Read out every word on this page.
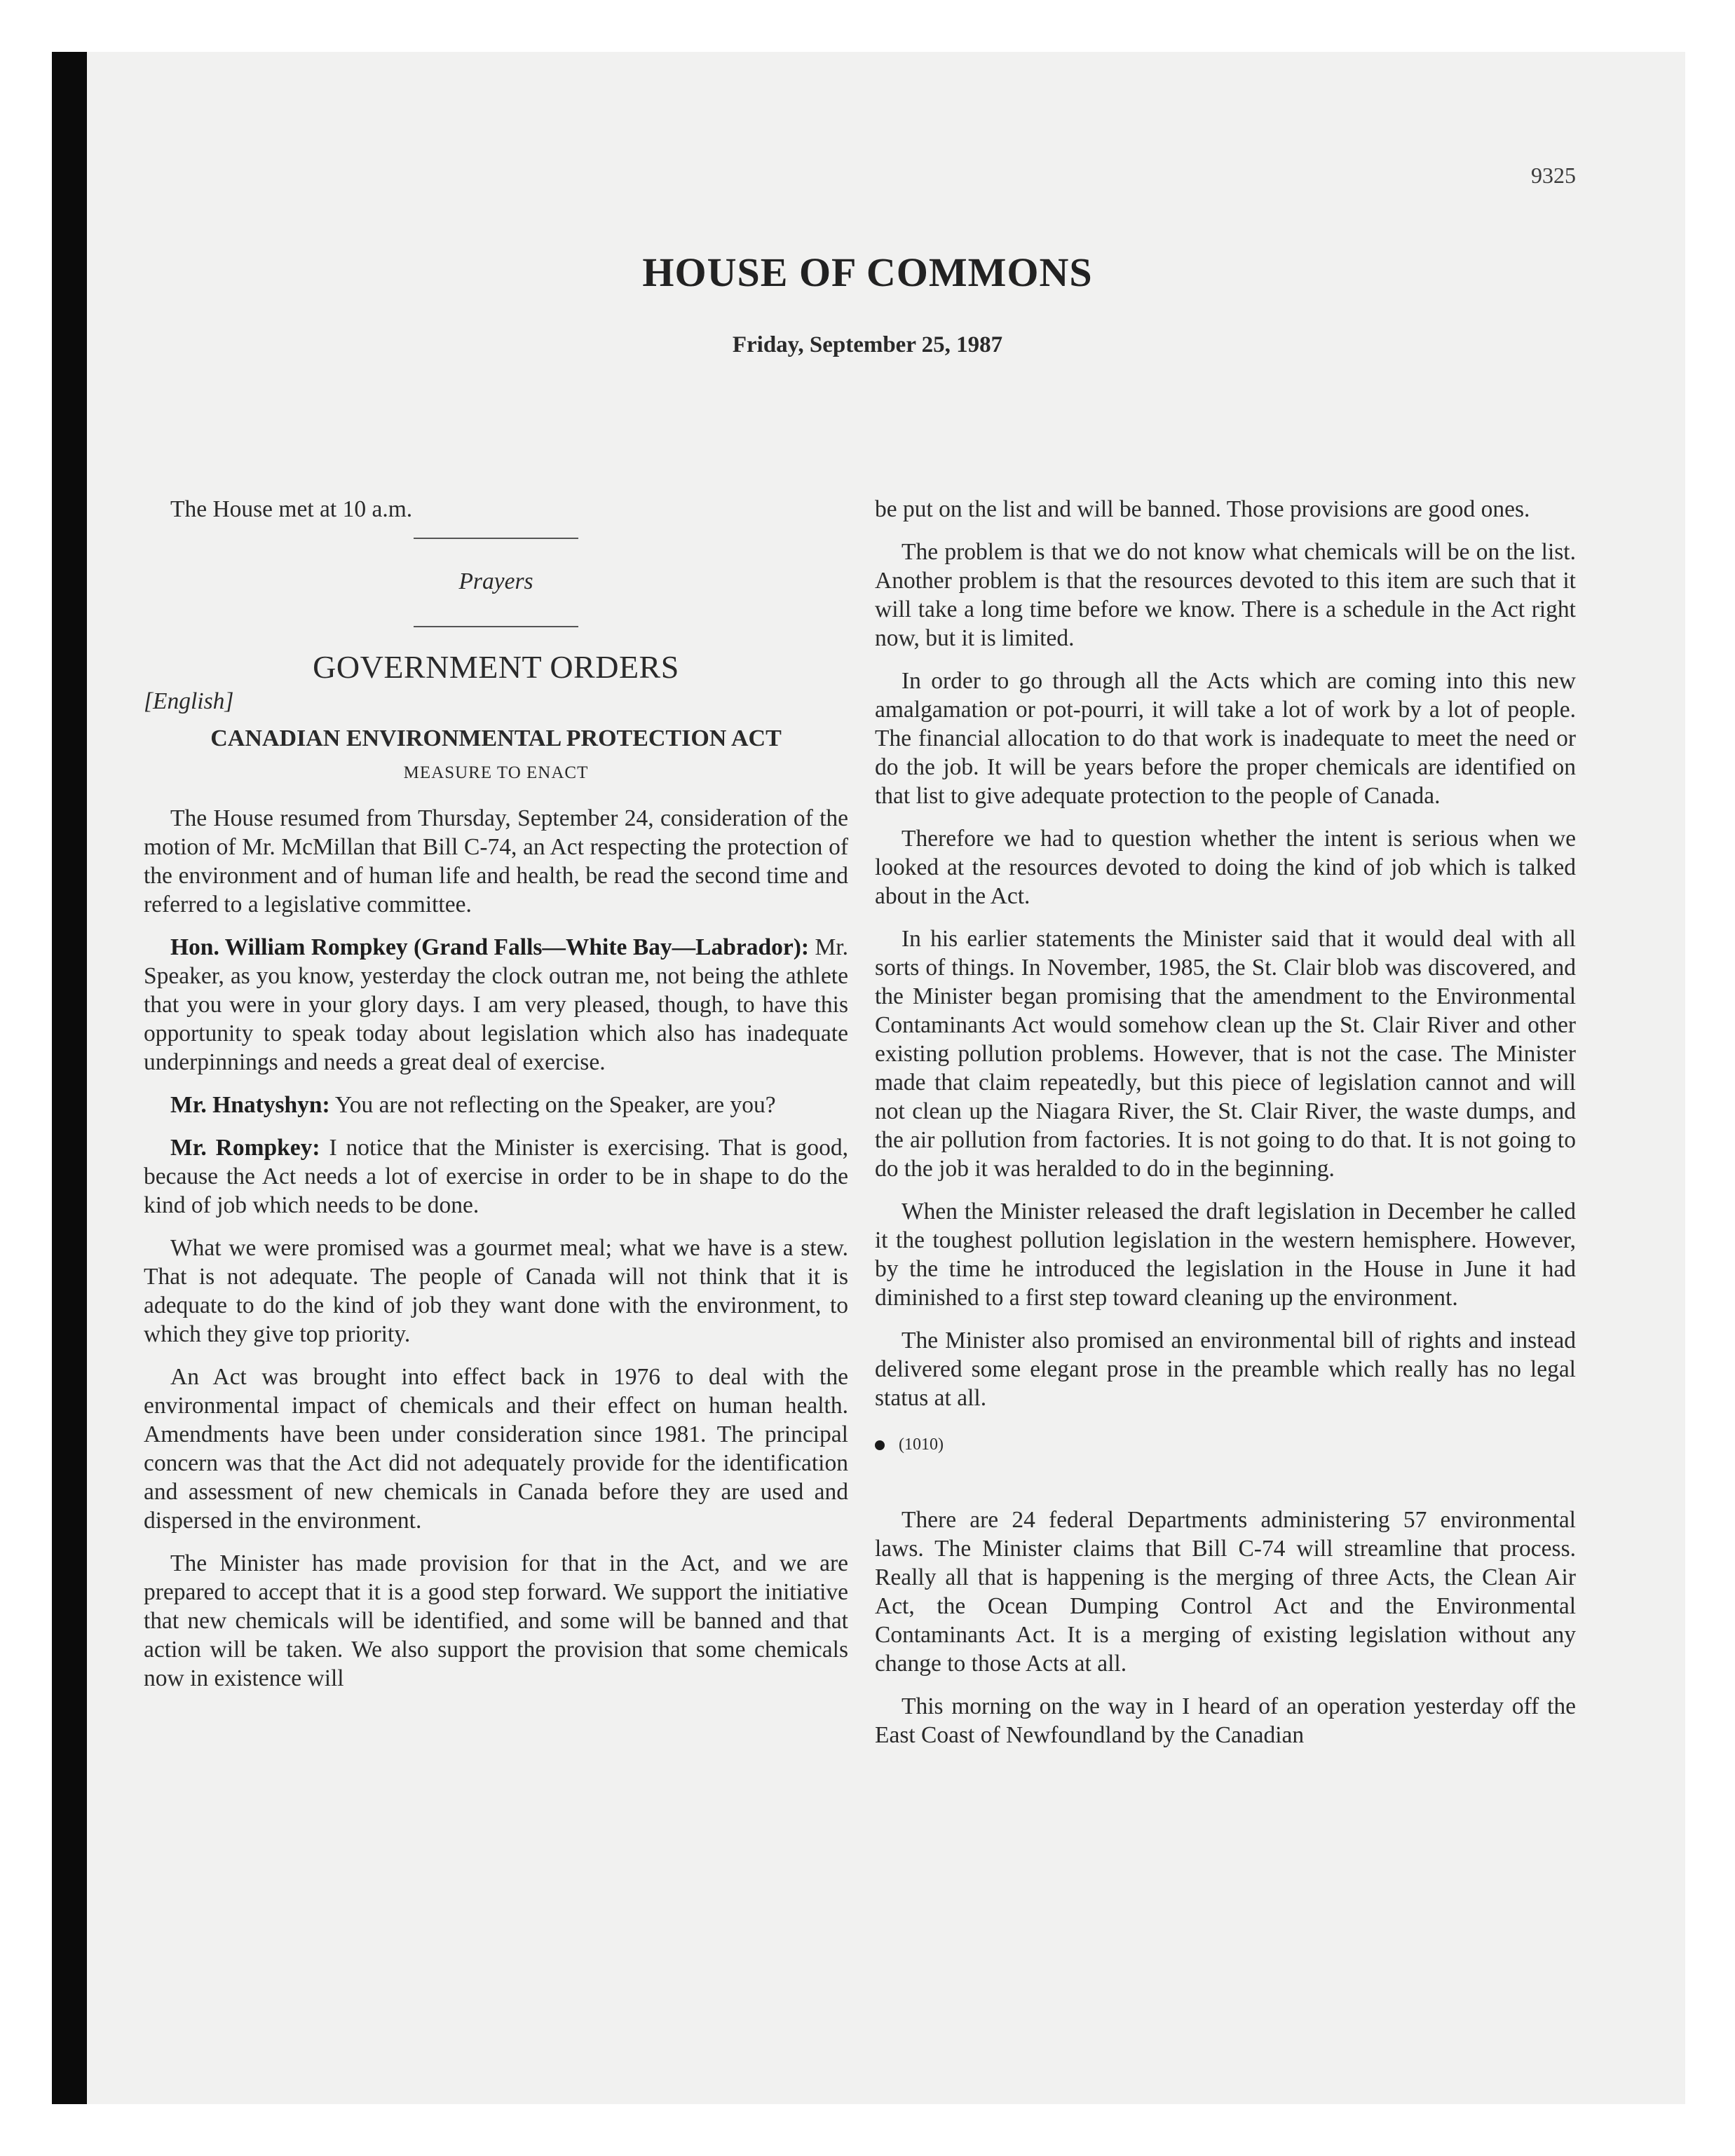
9325
HOUSE OF COMMONS
Friday, September 25, 1987

The House met at 10 a.m.

Prayers
GOVERNMENT ORDERS
[English]
CANADIAN ENVIRONMENTAL PROTECTION ACT
MEASURE TO ENACT

The House resumed from Thursday, September 24, consideration of the motion of Mr. McMillan that Bill C-74, an Act respecting the protection of the environment and of human life and health, be read the second time and referred to a legislative committee.

Hon. William Rompkey (Grand Falls—White Bay—Labrador): Mr. Speaker, as you know, yesterday the clock outran me, not being the athlete that you were in your glory days. I am very pleased, though, to have this opportunity to speak today about legislation which also has inadequate underpinnings and needs a great deal of exercise.

Mr. Hnatyshyn: You are not reflecting on the Speaker, are you?

Mr. Rompkey: I notice that the Minister is exercising. That is good, because the Act needs a lot of exercise in order to be in shape to do the kind of job which needs to be done.

What we were promised was a gourmet meal; what we have is a stew. That is not adequate. The people of Canada will not think that it is adequate to do the kind of job they want done with the environment, to which they give top priority.

An Act was brought into effect back in 1976 to deal with the environmental impact of chemicals and their effect on human health. Amendments have been under consideration since 1981. The principal concern was that the Act did not adequately provide for the identification and assessment of new chemicals in Canada before they are used and dispersed in the environment.

The Minister has made provision for that in the Act, and we are prepared to accept that it is a good step forward. We support the initiative that new chemicals will be identified, and some will be banned and that action will be taken. We also support the provision that some chemicals now in existence will

be put on the list and will be banned. Those provisions are good ones.

The problem is that we do not know what chemicals will be on the list. Another problem is that the resources devoted to this item are such that it will take a long time before we know. There is a schedule in the Act right now, but it is limited.

In order to go through all the Acts which are coming into this new amalgamation or pot-pourri, it will take a lot of work by a lot of people. The financial allocation to do that work is inadequate to meet the need or do the job. It will be years before the proper chemicals are identified on that list to give adequate protection to the people of Canada.

Therefore we had to question whether the intent is serious when we looked at the resources devoted to doing the kind of job which is talked about in the Act.

In his earlier statements the Minister said that it would deal with all sorts of things. In November, 1985, the St. Clair blob was discovered, and the Minister began promising that the amendment to the Environmental Contaminants Act would somehow clean up the St. Clair River and other existing pollution problems. However, that is not the case. The Minister made that claim repeatedly, but this piece of legislation cannot and will not clean up the Niagara River, the St. Clair River, the waste dumps, and the air pollution from factories. It is not going to do that. It is not going to do the job it was heralded to do in the beginning.

When the Minister released the draft legislation in December he called it the toughest pollution legislation in the western hemisphere. However, by the time he introduced the legislation in the House in June it had diminished to a first step toward cleaning up the environment.

The Minister also promised an environmental bill of rights and instead delivered some elegant prose in the preamble which really has no legal status at all.

(1010)

There are 24 federal Departments administering 57 environmental laws. The Minister claims that Bill C-74 will streamline that process. Really all that is happening is the merging of three Acts, the Clean Air Act, the Ocean Dumping Control Act and the Environmental Contaminants Act. It is a merging of existing legislation without any change to those Acts at all.

This morning on the way in I heard of an operation yesterday off the East Coast of Newfoundland by the Canadian
